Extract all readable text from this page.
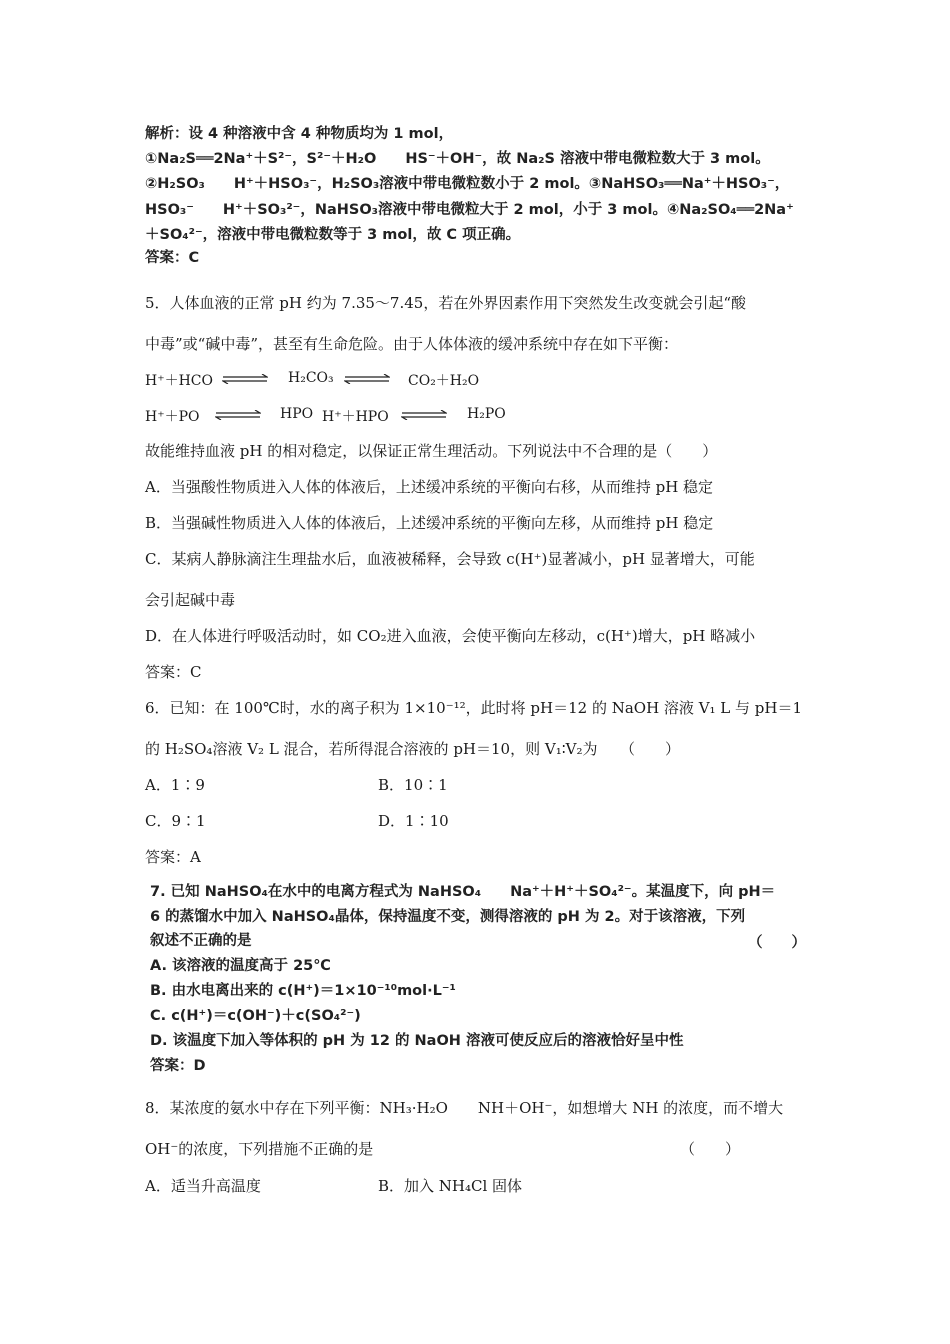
解析：设 4 种溶液中含 4 种物质均为 1 mol，
①Na₂S══2Na⁺＋S²⁻，S²⁻＋H₂O　　HS⁻＋OH⁻，故 Na₂S 溶液中带电微粒数大于 3 mol。
②H₂SO₃　　H⁺＋HSO₃⁻，H₂SO₃溶液中带电微粒数小于 2 mol。③NaHSO₃══Na⁺＋HSO₃⁻，
HSO₃⁻　　H⁺＋SO₃²⁻，NaHSO₃溶液中带电微粒大于 2 mol，小于 3 mol。④Na₂SO₄══2Na⁺
＋SO₄²⁻，溶液中带电微粒数等于 3 mol，故 C 项正确。
答案：C
5．人体血液的正常 pH 约为 7.35～7.45，若在外界因素作用下突然发生改变就会引起“酸
中毒”或“碱中毒”，甚至有生命危险。由于人体体液的缓冲系统中存在如下平衡：
H⁺＋HCO ⇌ H₂CO₃ ⇌ CO₂＋H₂O
H⁺＋PO ⇌ HPO H⁺＋HPO ⇌ H₂PO
故能维持血液 pH 的相对稳定，以保证正常生理活动。下列说法中不合理的是（　　）
A．当强酸性物质进入人体的体液后，上述缓冲系统的平衡向右移，从而维持 pH 稳定
B．当强碱性物质进入人体的体液后，上述缓冲系统的平衡向左移，从而维持 pH 稳定
C．某病人静脉滴注生理盐水后，血液被稀释，会导致 c(H⁺)显著减小，pH 显著增大，可能
会引起碱中毒
D．在人体进行呼吸活动时，如 CO₂进入血液，会使平衡向左移动，c(H⁺)增大，pH 略减小
答案：C
6．已知：在 100℃时，水的离子积为 1×10⁻¹²，此时将 pH＝12 的 NaOH 溶液 V₁ L 与 pH＝1
的 H₂SO₄溶液 V₂ L 混合，若所得混合溶液的 pH＝10，则 V₁∶V₂为　　（　　）
A．1∶9	B．10∶1
C．9∶1	D．1∶10
答案：A
7. 已知 NaHSO₄在水中的电离方程式为 NaHSO₄　　Na⁺＋H⁺＋SO₄²⁻。某温度下，向 pH＝
6 的蒸馏水中加入 NaHSO₄晶体，保持温度不变，测得溶液的 pH 为 2。对于该溶液，下列
叙述不正确的是	（　　）
A. 该溶液的温度高于 25℃
B. 由水电离出来的 c(H⁺)＝1×10⁻¹⁰mol·L⁻¹
C. c(H⁺)＝c(OH⁻)＋c(SO₄²⁻)
D. 该温度下加入等体积的 pH 为 12 的 NaOH 溶液可使反应后的溶液恰好呈中性
答案：D
8．某浓度的氨水中存在下列平衡：NH₃·H₂O　　NH＋OH⁻，如想增大 NH 的浓度，而不增大
OH⁻的浓度，下列措施不正确的是	（　　）
A．适当升高温度	B．加入 NH₄Cl 固体
